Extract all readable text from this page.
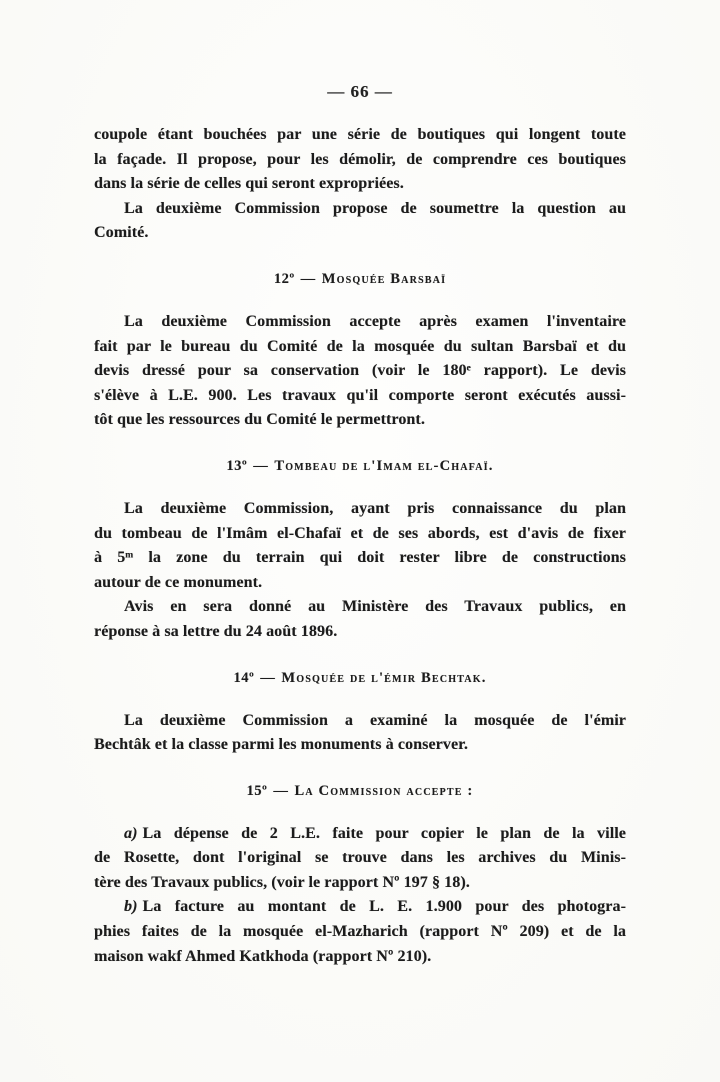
— 66 —
coupole étant bouchées par une série de boutiques qui longent toute
la façade. Il propose, pour les démolir, de comprendre ces boutiques
dans la série de celles qui seront expropriées.
La deuxième Commission propose de soumettre la question au
Comité.
12º — Mosquée Barsbaï
La deuxième Commission accepte après examen l'inventaire
fait par le bureau du Comité de la mosquée du sultan Barsbaï et du
devis dressé pour sa conservation (voir le 180ᵉ rapport). Le devis
s'élève à L.E. 900. Les travaux qu'il comporte seront exécutés aussi-
tôt que les ressources du Comité le permettront.
13º — Tombeau de l'Imam el-Chafaï.
La deuxième Commission, ayant pris connaissance du plan
du tombeau de l'Imâm el-Chafaï et de ses abords, est d'avis de fixer
à 5ᵐ la zone du terrain qui doit rester libre de constructions
autour de ce monument.
Avis en sera donné au Ministère des Travaux publics, en
réponse à sa lettre du 24 août 1896.
14º — Mosquée de l'émir Bechtak.
La deuxième Commission a examiné la mosquée de l'émir
Bechtâk et la classe parmi les monuments à conserver.
15º — La Commission accepte :
a) La dépense de 2 L.E. faite pour copier le plan de la ville
de Rosette, dont l'original se trouve dans les archives du Minis-
tère des Travaux publics, (voir le rapport Nº 197 § 18).
b) La facture au montant de L. E. 1.900 pour des photogra-
phies faites de la mosquée el-Mazharich (rapport Nº 209) et de la
maison wakf Ahmed Katkhoda (rapport Nº 210).
